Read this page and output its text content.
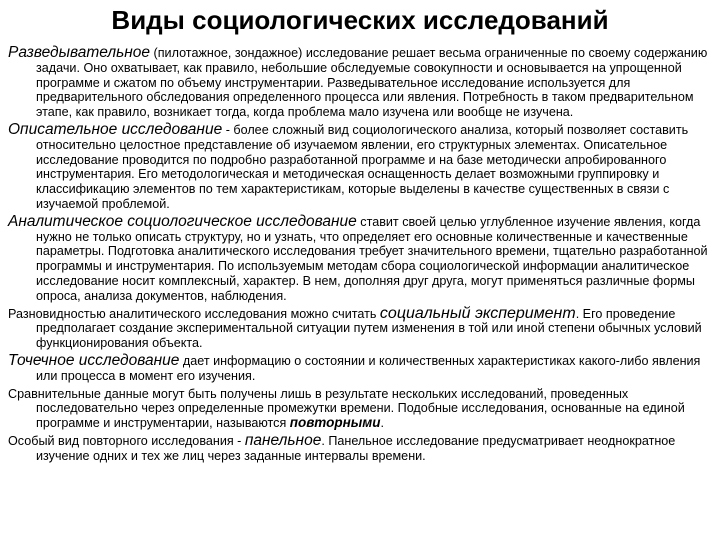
Виды социологических исследований

Разведывательное (пилотажное, зондажное) исследование решает весьма ограниченные по своему содержанию задачи. Оно охватывает, как правило, небольшие обследуемые совокупности и основывается на упрощенной программе и сжатом по объему инструментарии. Разведывательное исследование используется для предварительного обследования определенного процесса или явления. Потребность в таком предварительном этапе, как правило, возникает тогда, когда проблема мало изучена или вообще не изучена.

Описательное исследование - более сложный вид социологического анализа, который позволяет составить относительно целостное представление об изучаемом явлении, его структурных элементах. Описательное исследование проводится по подробно разработанной программе и на базе методически апробированного инструментария. Его методологическая и методическая оснащенность делает возможными группировку и классификацию элементов по тем характеристикам, которые выделены в качестве существенных в связи с изучаемой проблемой.

Аналитическое социологическое исследование ставит своей целью углубленное изучение явления, когда нужно не только описать структуру, но и узнать, что определяет его основные количественные и качественные параметры. Подготовка аналитического исследования требует значительного времени, тщательно разработанной программы и инструментария. По используемым методам сбора социологической информации аналитическое исследование носит комплексный, характер. В нем, дополняя друг друга, могут применяться различные формы опроса, анализа документов, наблюдения.

Разновидностью аналитического исследования можно считать социальный эксперимент. Его проведение предполагает создание экспериментальной ситуации путем изменения в той или иной степени обычных условий функционирования объекта.

Точечное исследование дает информацию о состоянии и количественных характеристиках какого-либо явления или процесса в момент его изучения.

Сравнительные данные могут быть получены лишь в результате нескольких исследований, проведенных последовательно через определенные промежутки времени. Подобные исследования, основанные на единой программе и инструментарии, называются повторными.

Особый вид повторного исследования - панельное. Панельное исследование предусматривает неоднократное изучение одних и тех же лиц через заданные интервалы времени.
